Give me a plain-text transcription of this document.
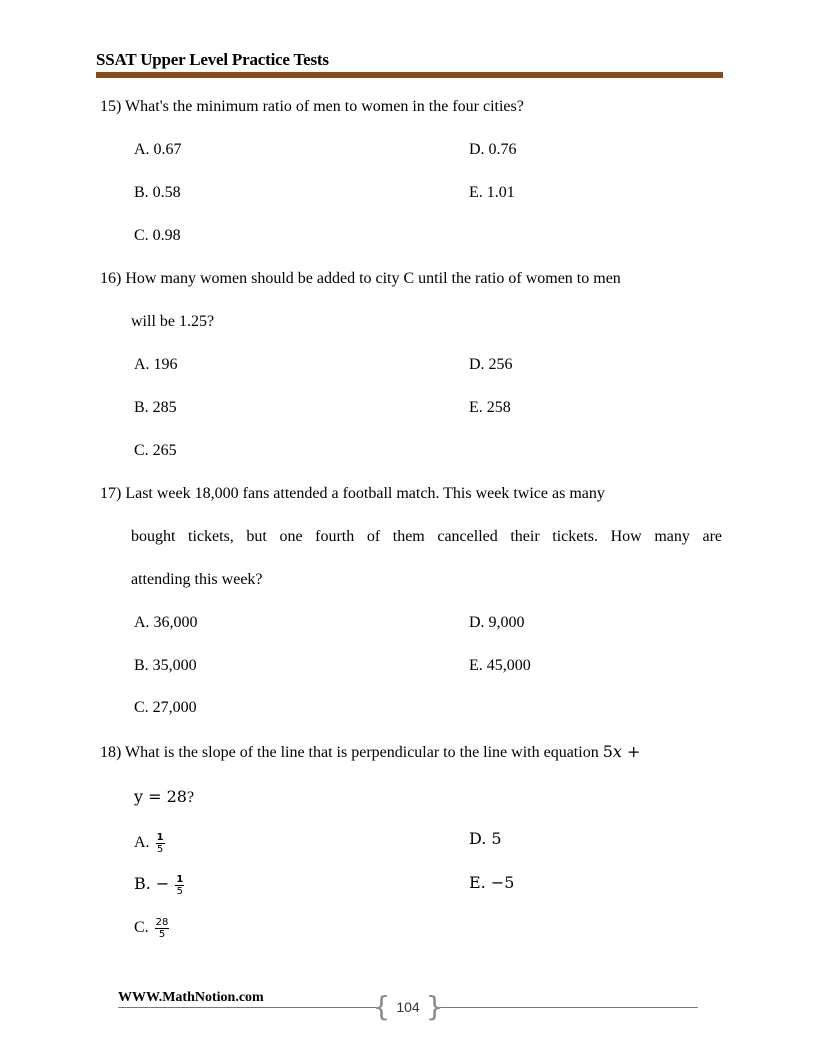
SSAT Upper Level Practice Tests
15) What's the minimum ratio of men to women in the four cities?
A. 0.67	D. 0.76
B. 0.58	E. 1.01
C. 0.98
16) How many women should be added to city C until the ratio of women to men
will be 1.25?
A. 196	D. 256
B. 285	E. 258
C. 265
17) Last week 18,000 fans attended a football match. This week twice as many
bought tickets, but one fourth of them cancelled their tickets. How many are
attending this week?
A. 36,000	D. 9,000
B. 35,000	E. 45,000
C. 27,000
18) What is the slope of the line that is perpendicular to the line with equation 5𝑥 +
y = 28?
A. $\frac{1}{5}$	D. 5
B. − $\frac{1}{5}$	E. −5
C. $\frac{28}{5}$
WWW.MathNotion.com	{ 104 }
